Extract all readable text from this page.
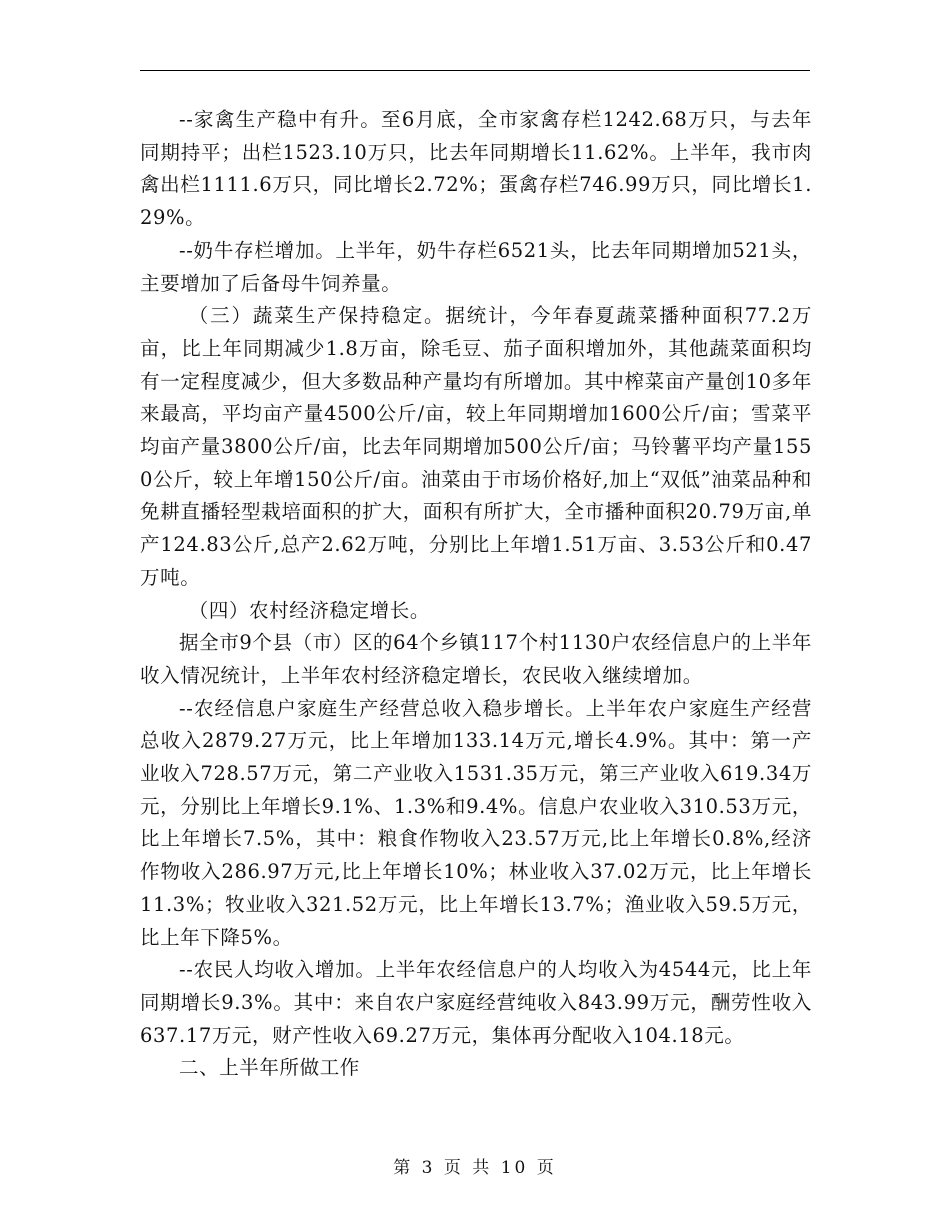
--家禽生产稳中有升。至6月底，全市家禽存栏1242.68万只，与去年同期持平；出栏1523.10万只，比去年同期增长11.62%。上半年，我市肉禽出栏1111.6万只，同比增长2.72%；蛋禽存栏746.99万只，同比增长1.29%。

--奶牛存栏增加。上半年，奶牛存栏6521头，比去年同期增加521头，主要增加了后备母牛饲养量。

（三）蔬菜生产保持稳定。据统计，今年春夏蔬菜播种面积77.2万亩，比上年同期减少1.8万亩，除毛豆、茄子面积增加外，其他蔬菜面积均有一定程度减少，但大多数品种产量均有所增加。其中榨菜亩产量创10多年来最高，平均亩产量4500公斤/亩，较上年同期增加1600公斤/亩；雪菜平均亩产量3800公斤/亩，比去年同期增加500公斤/亩；马铃薯平均产量1550公斤，较上年增150公斤/亩。油菜由于市场价格好,加上“双低”油菜品种和免耕直播轻型栽培面积的扩大，面积有所扩大，全市播种面积20.79万亩,单产124.83公斤,总产2.62万吨，分别比上年增1.51万亩、3.53公斤和0.47万吨。

（四）农村经济稳定增长。

据全市9个县（市）区的64个乡镇117个村1130户农经信息户的上半年收入情况统计，上半年农村经济稳定增长，农民收入继续增加。

--农经信息户家庭生产经营总收入稳步增长。上半年农户家庭生产经营总收入2879.27万元，比上年增加133.14万元,增长4.9%。其中：第一产业收入728.57万元，第二产业收入1531.35万元，第三产业收入619.34万元，分别比上年增长9.1%、1.3%和9.4%。信息户农业收入310.53万元，比上年增长7.5%，其中：粮食作物收入23.57万元,比上年增长0.8%,经济作物收入286.97万元,比上年增长10%；林业收入37.02万元，比上年增长11.3%；牧业收入321.52万元，比上年增长13.7%；渔业收入59.5万元，比上年下降5%。

--农民人均收入增加。上半年农经信息户的人均收入为4544元，比上年同期增长9.3%。其中：来自农户家庭经营纯收入843.99万元，酬劳性收入637.17万元，财产性收入69.27万元，集体再分配收入104.18元。

二、上半年所做工作

第 3 页 共 10 页
